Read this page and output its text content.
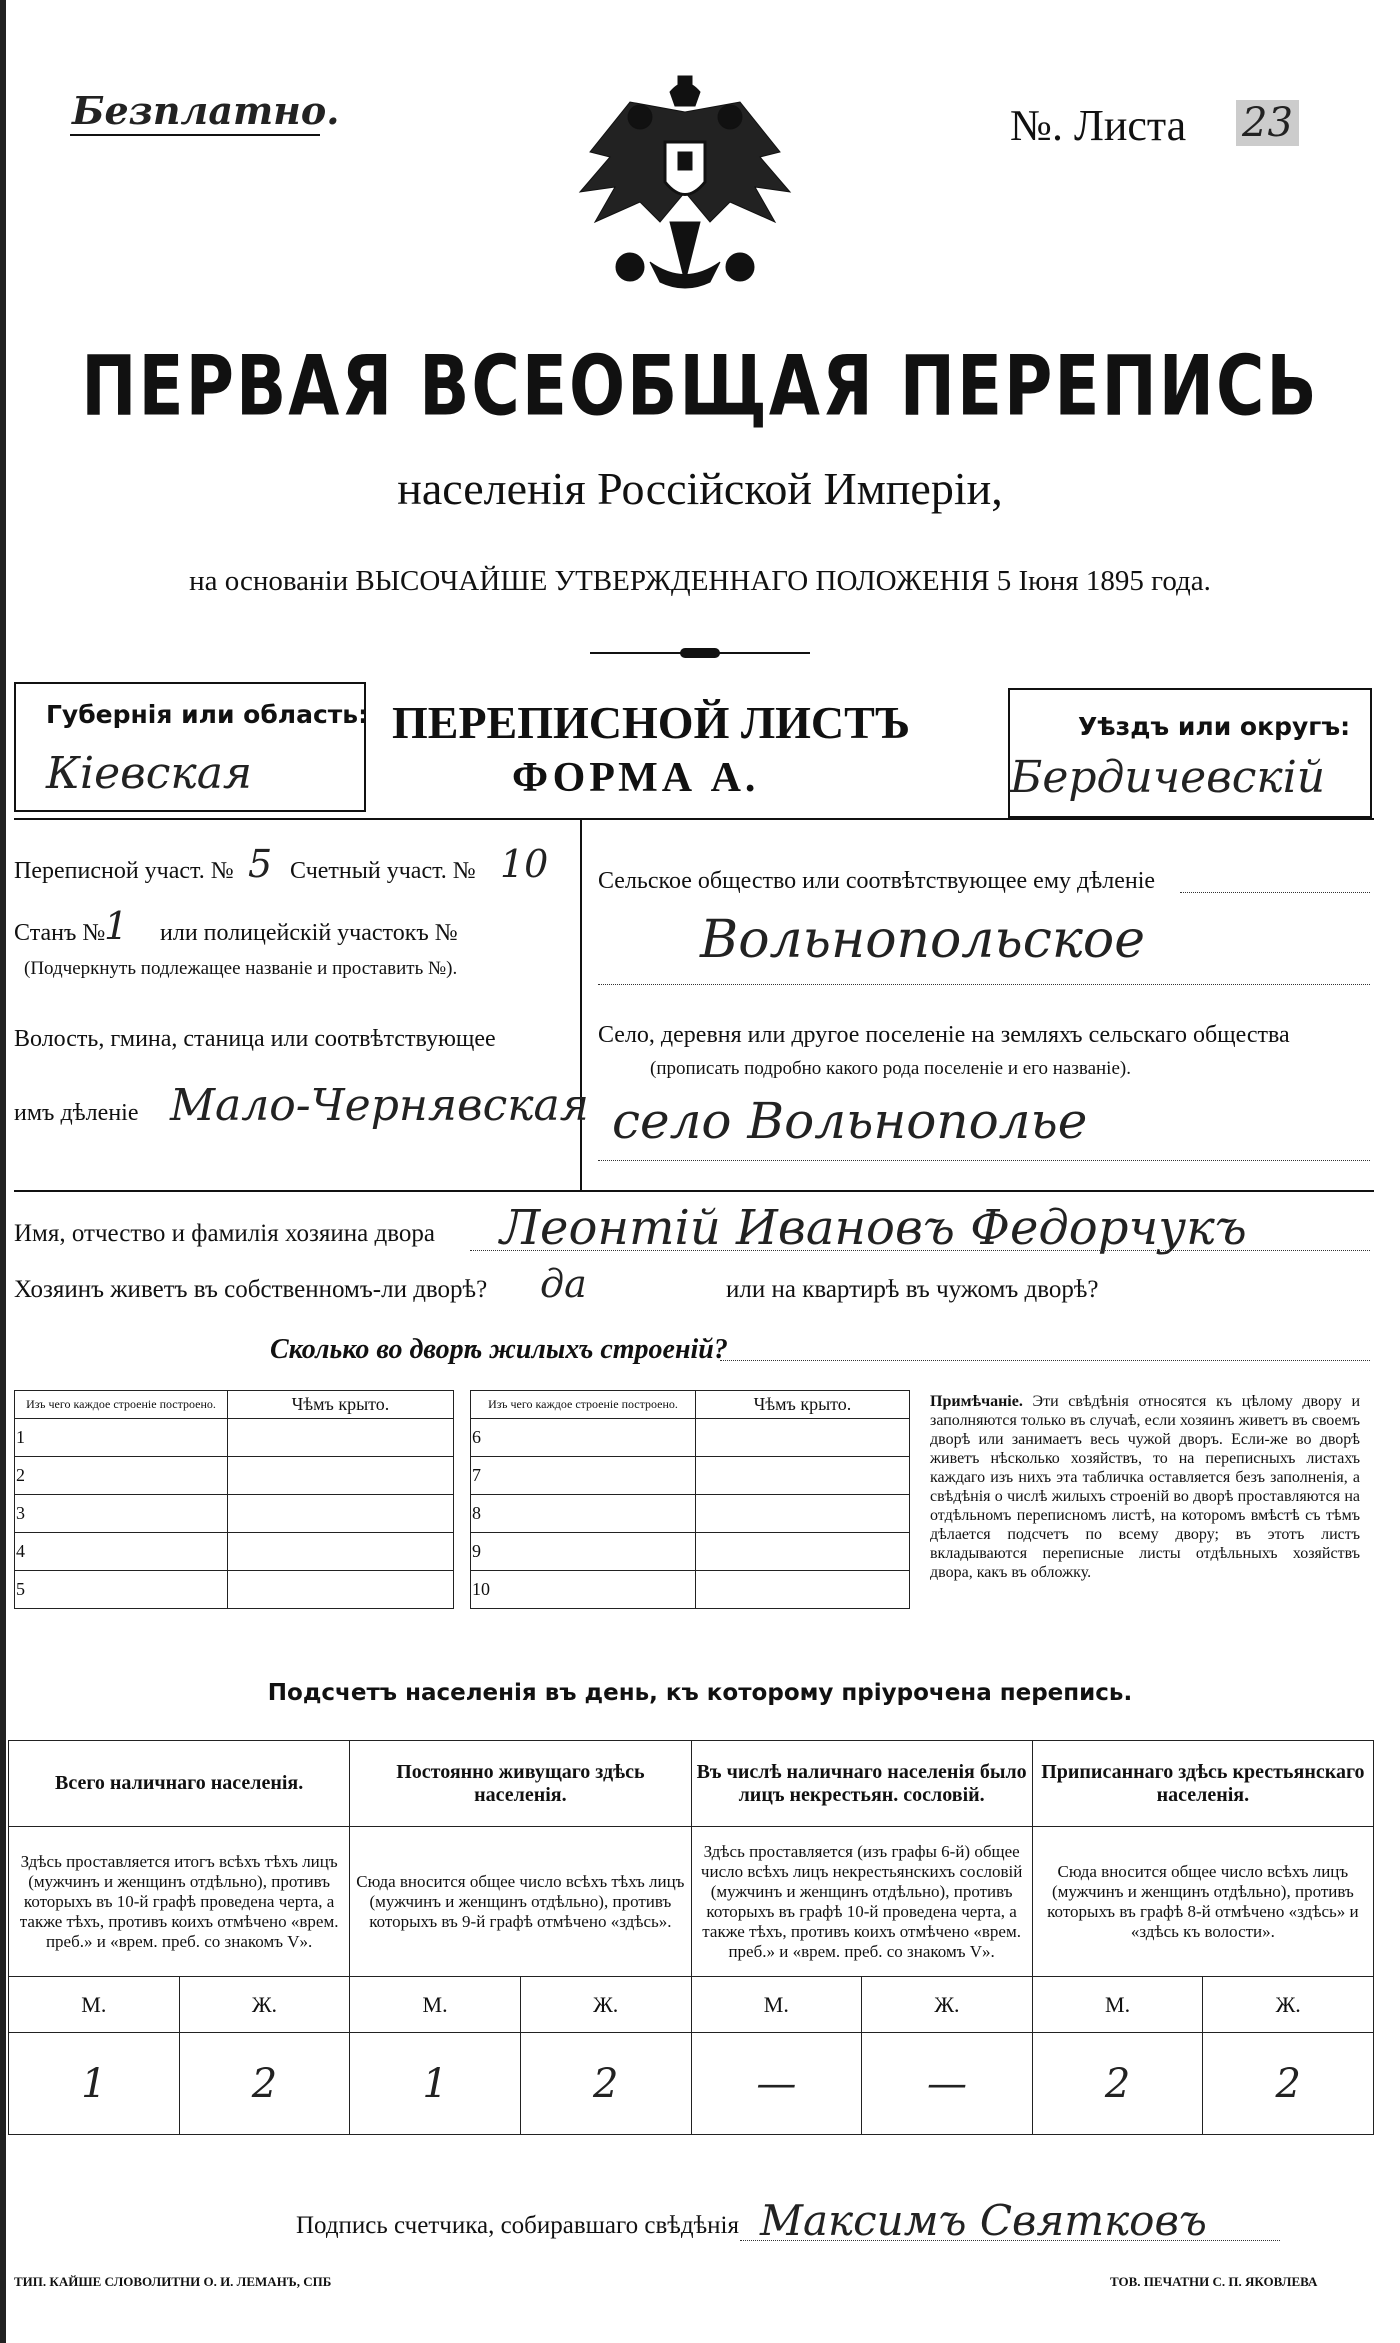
Безплатно.	№. Листа 23
ПЕРВАЯ ВСЕОБЩАЯ ПЕРЕПИСЬ
населенія Россійской Имперіи,
на основаніи ВЫСОЧАЙШЕ УТВЕРЖДЕННАГО ПОЛОЖЕНІЯ 5 Іюня 1895 года.
Губернія или область:
Кіевская
ПЕРЕПИСНОЙ ЛИСТЪ
ФОРМА А.
Уѣздъ или округъ:
Бердичевскій
Переписной участ. № 5 Счетный участ. № 10
Станъ №
1 или полицейскій участокъ №
(Подчеркнуть подлежащее названіе и проставить №).
Волость, гмина, станица или соотвѣтствующее
имъ дѣленіе Мало-Чернявская
Сельское общество или соотвѣтствующее ему дѣленіе
Вольнопольское
Село, деревня или другое поселеніе на земляхъ сельскаго общества
(прописать подробно какого рода поселеніе и его названіе).
село Вольнополье
Имя, отчество и фамилія хозяина двора Леонтій Ивановъ Федорчукъ
Хозяинъ живетъ въ собственномъ-ли дворѣ? да	или на квартирѣ въ чужомъ дворѣ?
Сколько во дворѣ жилыхъ строеній?
Изъ чего каждое строеніе построено.	Чѣмъ крыто.
1	
2	
3	
4	
5	
Изъ чего каждое строеніе построено.	Чѣмъ крыто.
6	
7	
8	
9	
10	
Примѣчаніе. Эти свѣдѣнія относятся къ цѣлому двору и заполняются только въ случаѣ, если хозяинъ живетъ въ своемъ дворѣ или занимаетъ весь чужой дворъ. Если-же во дворѣ живетъ нѣсколько хозяйствъ, то на переписныхъ листахъ каждаго изъ нихъ эта табличка оставляется безъ заполненія, а свѣдѣнія о числѣ жилыхъ строеній во дворѣ проставляются на отдѣльномъ переписномъ листѣ, на которомъ вмѣстѣ съ тѣмъ дѣлается подсчетъ по всему двору; въ этотъ листъ вкладываются переписные листы отдѣльныхъ хозяйствъ двора, какъ въ обложку.
Подсчетъ населенія въ день, къ которому пріурочена перепись.
Всего наличнаго населенія.		Постоянно живущаго здѣсь населенія.		Въ числѣ наличнаго населенія было лицъ некрестьян. сословій.		Приписаннаго здѣсь крестьянскаго населенія.	
Здѣсь проставляется итогъ всѣхъ тѣхъ лицъ (мужчинъ и женщинъ отдѣльно), противъ которыхъ въ 10-й графѣ проведена черта, а также тѣхъ, противъ коихъ отмѣчено «врем. преб.» и «врем. преб. со знакомъ V».		Сюда вносится общее число всѣхъ тѣхъ лицъ (мужчинъ и женщинъ отдѣльно), противъ которыхъ въ 9-й графѣ отмѣчено «здѣсь».		Здѣсь проставляется (изъ графы 6-й) общее число всѣхъ лицъ некрестьянскихъ сословій (мужчинъ и женщинъ отдѣльно), противъ которыхъ въ графѣ 10-й проведена черта, а также тѣхъ, противъ коихъ отмѣчено «врем. преб.» и «врем. преб. со знакомъ V».		Сюда вносится общее число всѣхъ лицъ (мужчинъ и женщинъ отдѣльно), противъ которыхъ въ графѣ 8-й отмѣчено «здѣсь» и «здѣсь къ волости».	
М.	Ж.	М.	Ж.	М.	Ж.	М.	Ж.
1	2	1	2	—	—	2	2
Подпись счетчика, собиравшаго свѣдѣнія Максимъ Святковъ
ТИП. КАЙШЕ СЛОВОЛИТНИ О. И. ЛЕМАНЪ, СПБ	ТОВ. ПЕЧАТНИ С. П. ЯКОВЛЕВА
